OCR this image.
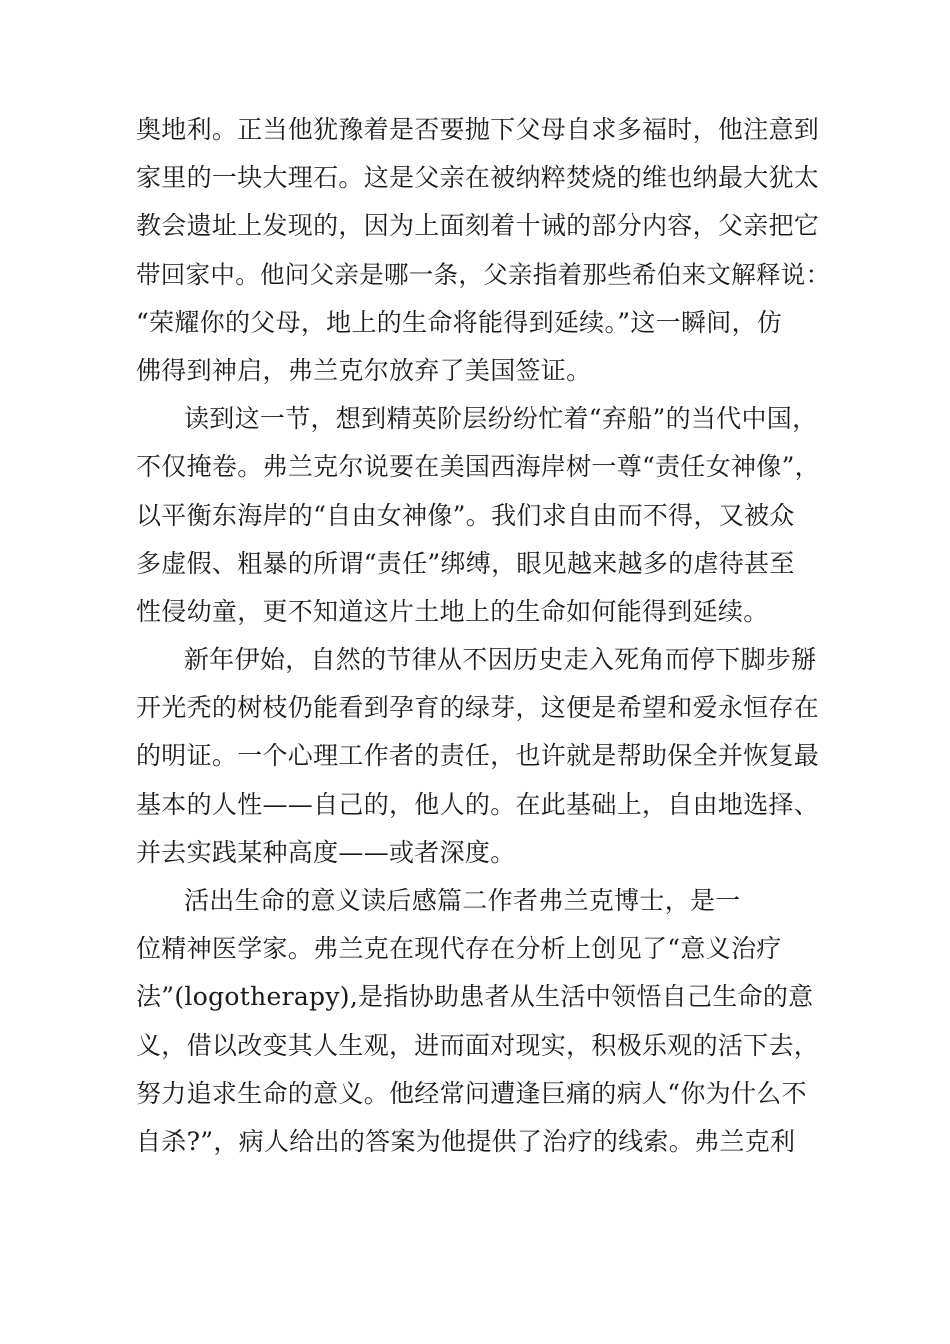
奥地利。正当他犹豫着是否要抛下父母自求多福时，他注意到
家里的一块大理石。这是父亲在被纳粹焚烧的维也纳最大犹太
教会遗址上发现的，因为上面刻着十诫的部分内容，父亲把它
带回家中。他问父亲是哪一条，父亲指着那些希伯来文解释说：
“荣耀你的父母，地上的生命将能得到延续。”这一瞬间，仿
佛得到神启，弗兰克尔放弃了美国签证。
读到这一节，想到精英阶层纷纷忙着“弃船”的当代中国，
不仅掩卷。弗兰克尔说要在美国西海岸树一尊“责任女神像”，
以平衡东海岸的“自由女神像”。我们求自由而不得，又被众
多虚假、粗暴的所谓“责任”绑缚，眼见越来越多的虐待甚至
性侵幼童，更不知道这片土地上的生命如何能得到延续。
新年伊始，自然的节律从不因历史走入死角而停下脚步掰
开光秃的树枝仍能看到孕育的绿芽，这便是希望和爱永恒存在
的明证。一个心理工作者的责任，也许就是帮助保全并恢复最
基本的人性——自己的，他人的。在此基础上，自由地选择、
并去实践某种高度——或者深度。
活出生命的意义读后感篇二作者弗兰克博士，是一
位精神医学家。弗兰克在现代存在分析上创见了“意义治疗
法”(logotherapy),是指协助患者从生活中领悟自己生命的意
义，借以改变其人生观，进而面对现实，积极乐观的活下去，
努力追求生命的意义。他经常问遭逢巨痛的病人“你为什么不
自杀?”，病人给出的答案为他提供了治疗的线索。弗兰克利
